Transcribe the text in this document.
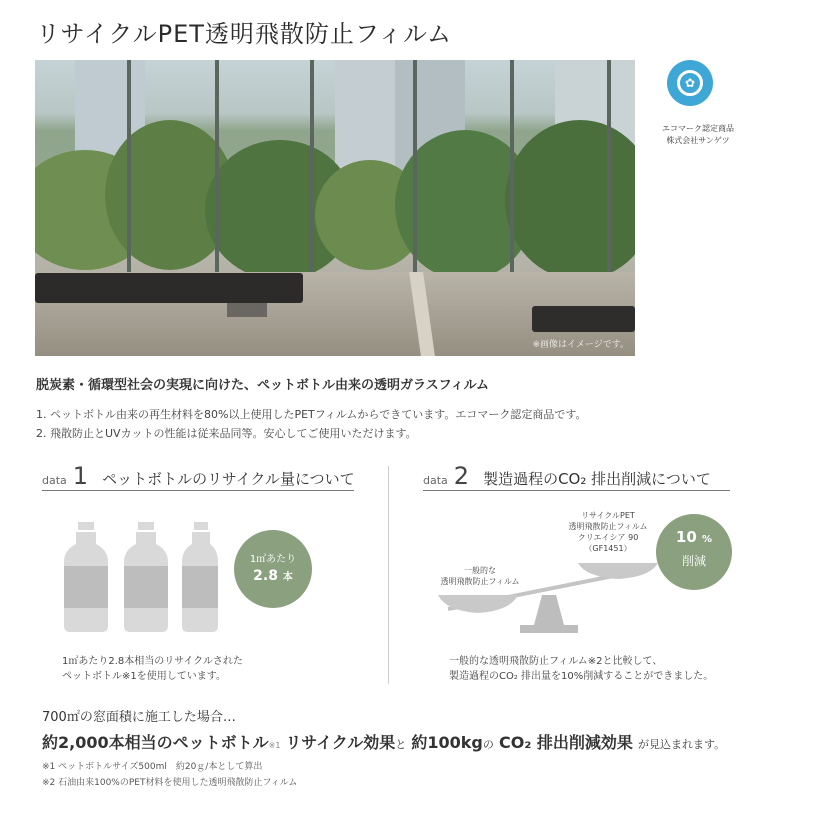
リサイクルPET透明飛散防止フィルム
※画像はイメージです。
✿
エコマーク認定商品
株式会社サンゲツ
脱炭素・循環型社会の実現に向けた、ペットボトル由来の透明ガラスフィルム
1. ペットボトル由来の再生材料を80%以上使用したPETフィルムからできています。エコマーク認定商品です。
2. 飛散防止とUVカットの性能は従来品同等。安心してご使用いただけます。
data 1 ペットボトルのリサイクル量について
1㎡あたり
2.8 本
1㎡あたり2.8本相当のリサイクルされた
ペットボトル※1を使用しています。
data 2 製造過程のCO₂ 排出削減について
リサイクルPET
透明飛散防止フィルム
クリエイシア 90
（GF1451）
10 %
削減
一般的な
透明飛散防止フィルム
一般的な透明飛散防止フィルム※2と比較して、
製造過程のCO₂ 排出量を10%削減することができました。
700㎡の窓面積に施工した場合…
約2,000本相当のペットボトル※1 リサイクル効果と 約100kgの CO₂ 排出削減効果 が見込まれます。
※1 ペットボトルサイズ500ml　約20ｇ/本として算出
※2 石油由来100%のPET材料を使用した透明飛散防止フィルム
